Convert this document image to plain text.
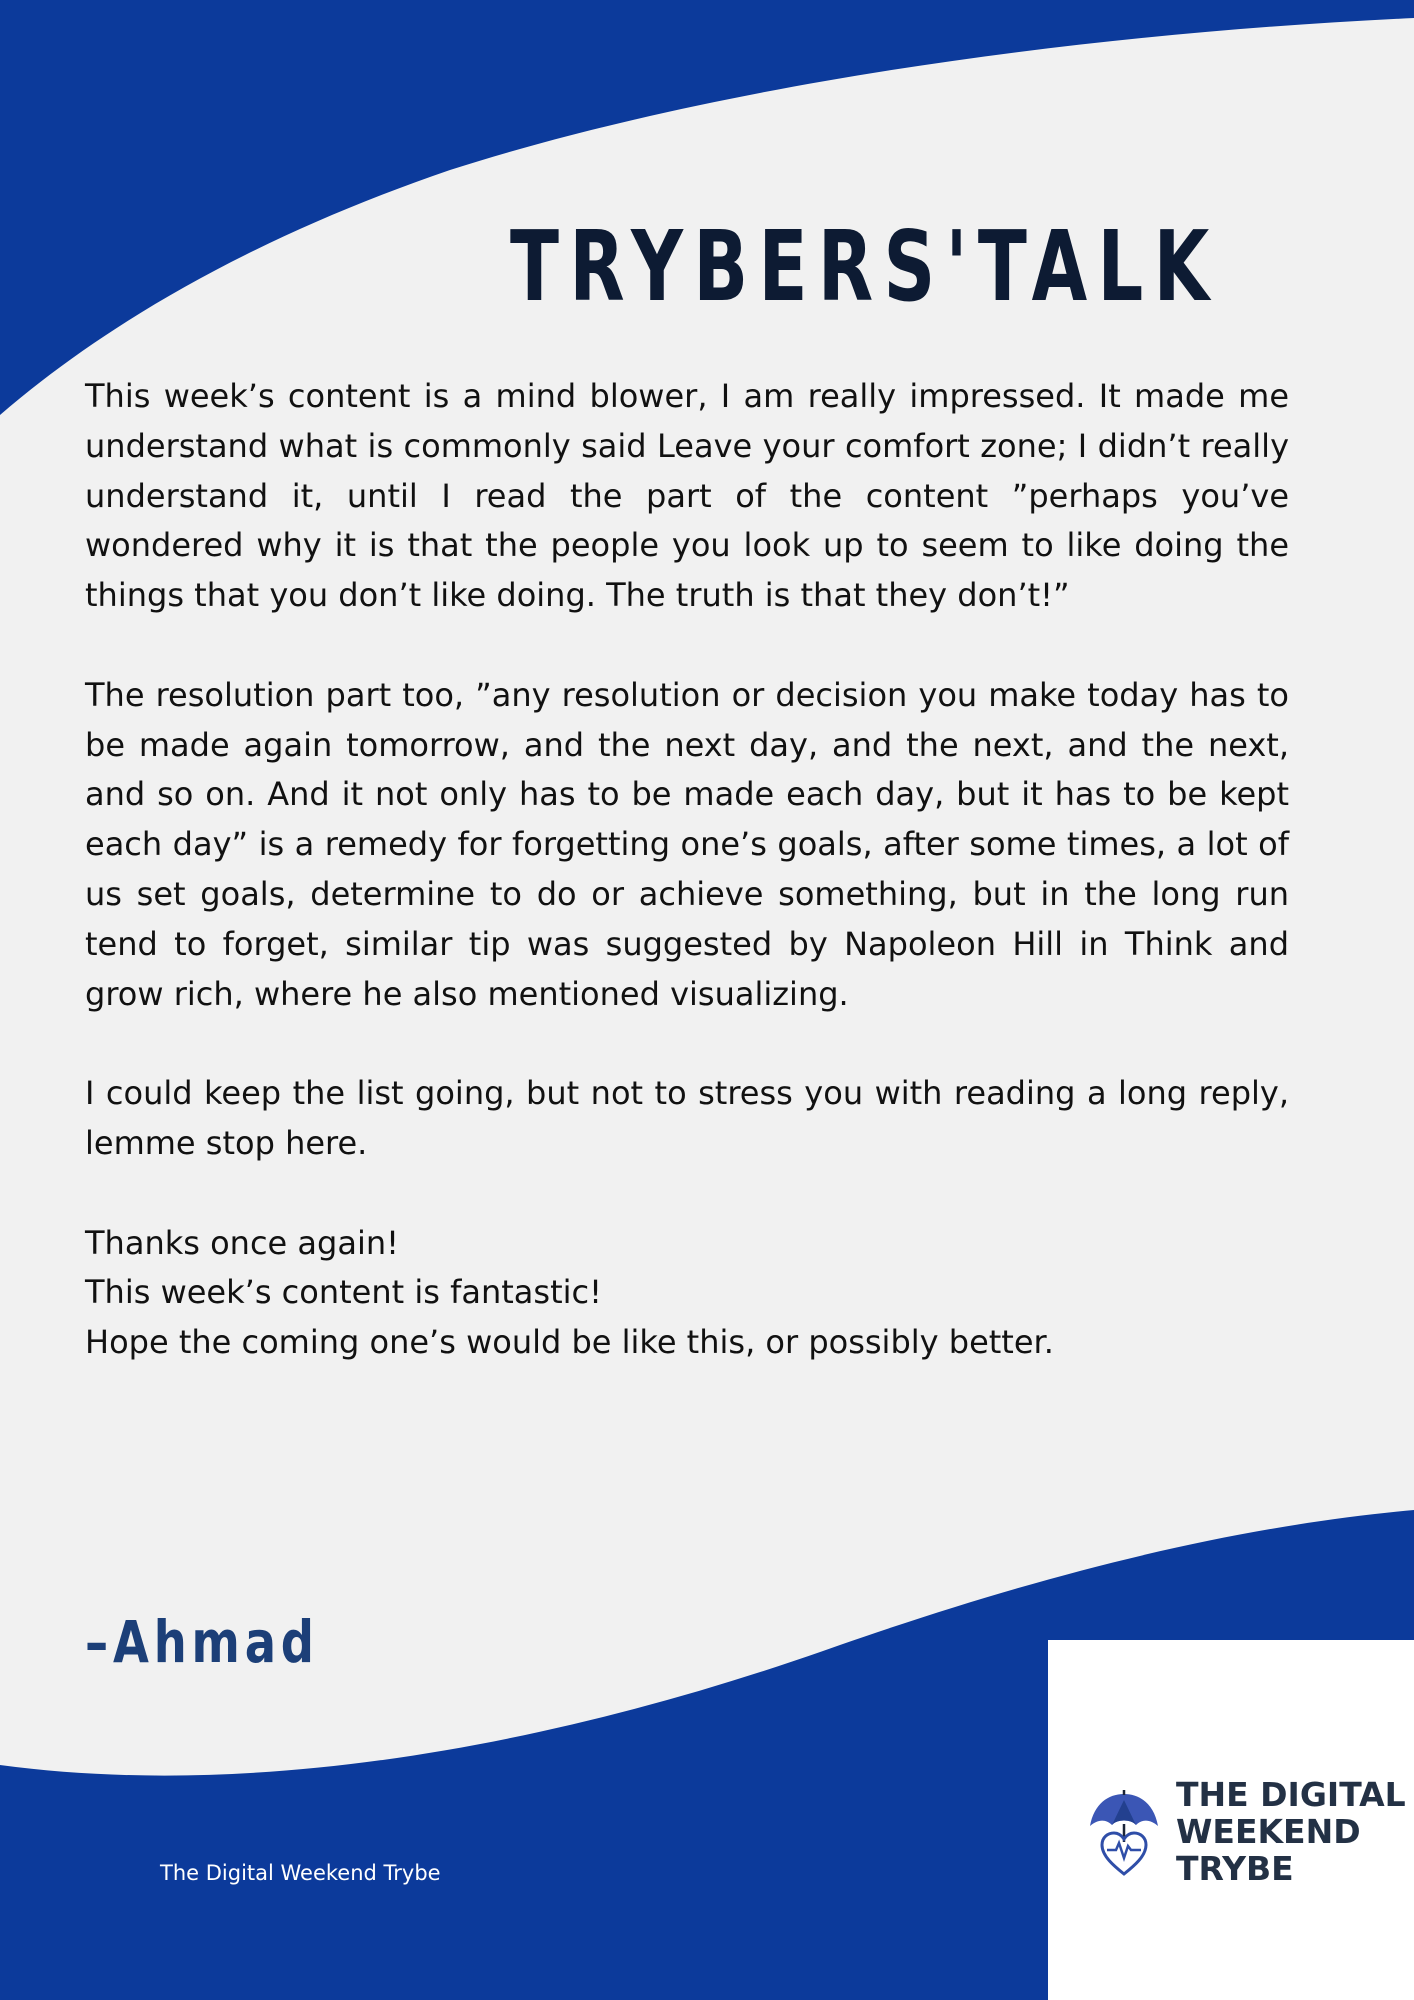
TRYBERS'TALK

This week’s content is a mind blower, I am really impressed. It made me understand what is commonly said Leave your comfort zone; I didn’t really understand it, until I read the part of the content ”perhaps you’ve wondered why it is that the people you look up to seem to like doing the things that you don’t like doing. The truth is that they don’t!”

The resolution part too, ”any resolution or decision you make today has to be made again tomorrow, and the next day, and the next, and the next, and so on. And it not only has to be made each day, but it has to be kept each day” is a remedy for forgetting one’s goals, after some times, a lot of us set goals, determine to do or achieve something, but in the long run tend to forget, similar tip was suggested by Napoleon Hill in Think and grow rich, where he also mentioned visualizing.

I could keep the list going, but not to stress you with reading a long reply, lemme stop here.

Thanks once again!
This week’s content is fantastic!
Hope the coming one’s would be like this, or possibly better.

–Ahmad
The Digital Weekend Trybe
THE DIGITAL
WEEKEND
TRYBE
